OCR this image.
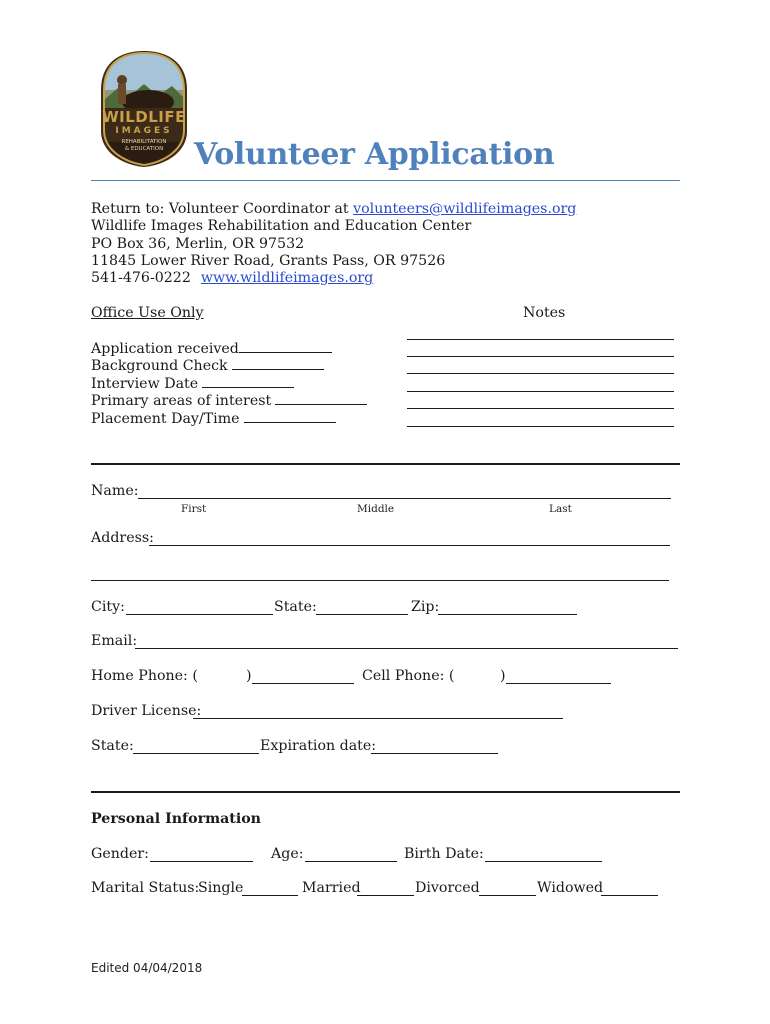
WILDLIFE
IMAGES
REHABILITATION
& EDUCATION	Volunteer Application
Return to: Volunteer Coordinator at volunteers@wildlifeimages.org
Wildlife Images Rehabilitation and Education Center
PO Box 36, Merlin, OR 97532
11845 Lower River Road, Grants Pass, OR 97526
541-476-0222 www.wildlifeimages.org
Office Use Only	Notes
Application received
Background Check
Interview Date
Primary areas of interest
Placement Day/Time
Name:
First	Middle	Last
Address:
City:	State:	Zip:
Email:
Home Phone: (	)	Cell Phone: (	)
Driver License:
State:	Expiration date:
Personal Information
Gender:	Age:	Birth Date:
Marital Status:
Single	Married	Divorced	Widowed
Edited 04/04/2018
